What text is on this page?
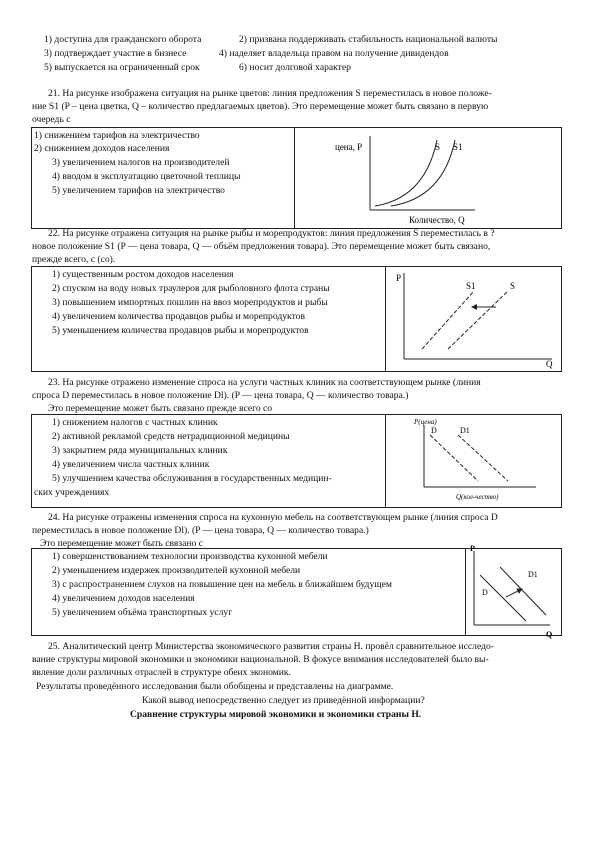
1) доступна для гражданского оборота	2) призвана поддерживать стабильность национальной валюты
3) подтверждает участие в бизнесе	4) наделяет владельца правом на получение дивидендов
5) выпускается на ограниченный срок	6) носит долговой характер
21. На рисунке изображена ситуация на рынке цветов: линия предложения S переместилась в новое положе-
ние S1 (P – цена цветка, Q – количество предлагаемых цветов). Это перемещение может быть связано в первую
очередь с
1) снижением тарифов на электричество
2) снижением доходов населения
3) увеличением налогов на производителей
4) вводом в эксплуатацию цветочной теплицы
5) увеличением тарифов на электричество
цена, P	S S1
Количество, Q
22. На рисунке отражена ситуация на рынке рыбы и морепродуктов: линия предложения S переместилась в ?
новое положение S1 (P — цена товара, Q — объём предложения товара). Это перемещение может быть связано,
прежде всего, с (со).
1) существенным ростом доходов населения
2) спуском на воду новых траулеров для рыболовного флота страны
3) повышением импортных пошлин на ввоз морепродуктов и рыбы
4) увеличением количества продавцов рыбы и морепродуктов
5) уменьшением количества продавцов рыбы и морепродуктов
P
S1	S
Q
23. На рисунке отражено изменение спроса на услуги частных клиник на соответствующем рынке (линия
спроса D переместилась в новое положение Dl). (P — цена товара, Q — количество товара.)
Это перемещение может быть связано прежде всего со
1) снижением налогов с частных клиник
2) активной рекламой средств нетрадиционной медицины
3) закрытием ряда муниципальных клиник
4) увеличением числа частных клиник
5) улучшением качества обслуживания в государственных медицин-
ских учреждениях
Р(цена)
D	D1
Q(кол-чество)
24. На рисунке отражены изменения спроса на кухонную мебель на соответствующем рынке (линия спроса D
переместилась в новое положение Dl). (P — цена товара, Q — количество товара.)
Это перемещение может быть связано с
1) совершенствованием технологии производства кухонной мебели
2) уменьшением издержек производителей кухонной мебели
3) с распространением слухов на повышение цен на мебель в ближайшем будущем
4) увеличением доходов населения
5) увеличением объёма транспортных услуг
P
D
D1
Q
25. Аналитический центр Министерства экономического развития страны Н. провёл сравнительное исследо-
вание структуры мировой экономики и экономики национальной. В фокусе внимания исследователей было вы-
явление доли различных отраслей в структуре обеих экономик.
Результаты проведённого исследования были обобщены и представлены на диаграмме.
Какой вывод непосредственно следует из приведённой информации?
Сравнение структуры мировой экономики и экономики страны Н.
